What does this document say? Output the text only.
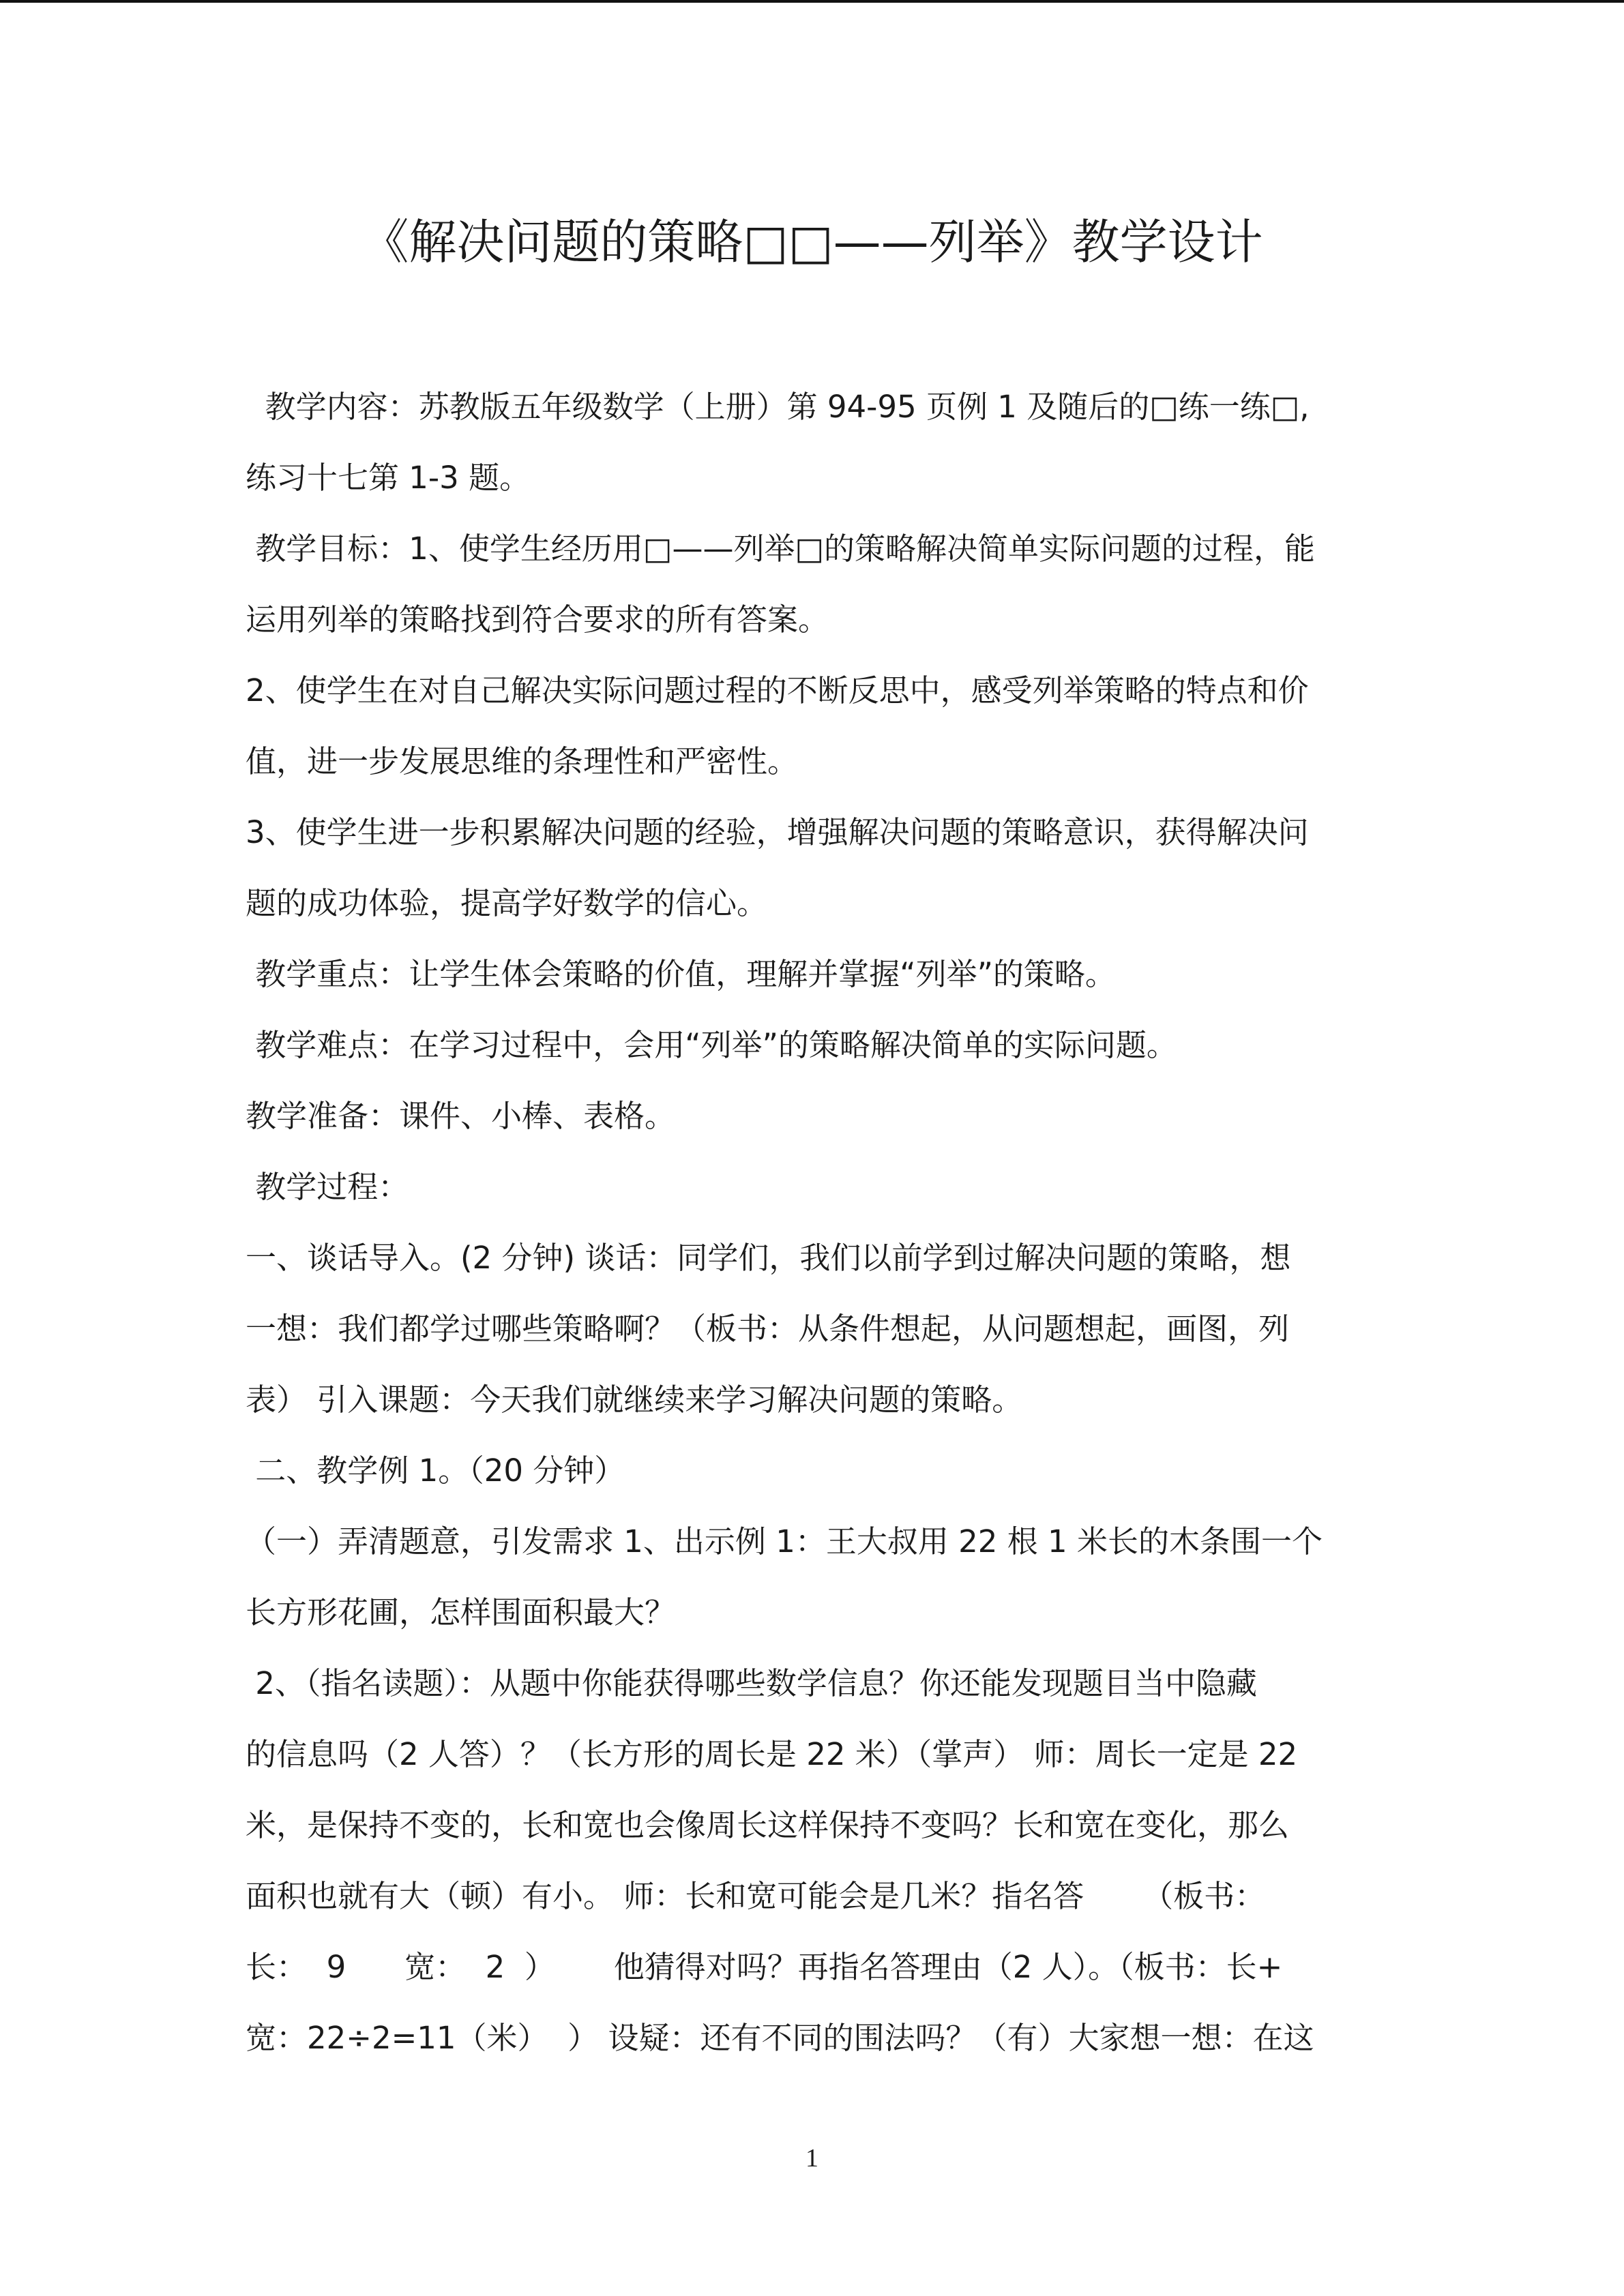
《解决问题的策略□□——列举》教学设计
教学内容：苏教版五年级数学（上册）第 94-95 页例 1 及随后的□练一练□,
练习十七第 1-3 题。
教学目标：1、使学生经历用□——列举□的策略解决简单实际问题的过程，能
运用列举的策略找到符合要求的所有答案。
2、使学生在对自己解决实际问题过程的不断反思中，感受列举策略的特点和价
值，进一步发展思维的条理性和严密性。
3、使学生进一步积累解决问题的经验，增强解决问题的策略意识，获得解决问
题的成功体验，提高学好数学的信心。
教学重点：让学生体会策略的价值，理解并掌握“列举”的策略。
教学难点：在学习过程中，会用“列举”的策略解决简单的实际问题。
教学准备：课件、小棒、表格。
教学过程：
一、谈话导入。(2 分钟) 谈话：同学们，我们以前学到过解决问题的策略，想
一想：我们都学过哪些策略啊？（板书：从条件想起，从问题想起，画图，列
表） 引入课题：今天我们就继续来学习解决问题的策略。
二、教学例 1。（20 分钟）
（一）弄清题意，引发需求 1、出示例 1：王大叔用 22 根 1 米长的木条围一个
长方形花圃，怎样围面积最大？
2、（指名读题）：从题中你能获得哪些数学信息？你还能发现题目当中隐藏
的信息吗（2 人答）？（长方形的周长是 22 米）（掌声） 师：周长一定是 22
米，是保持不变的，长和宽也会像周长这样保持不变吗？长和宽在变化，那么
面积也就有大（顿）有小。 师：长和宽可能会是几米？指名答      （板书：
长：  9      宽：  2  ）      他猜得对吗？再指名答理由（2 人）。（板书：长+
宽：22÷2=11（米）  ） 设疑：还有不同的围法吗？（有）大家想一想：在这
1
